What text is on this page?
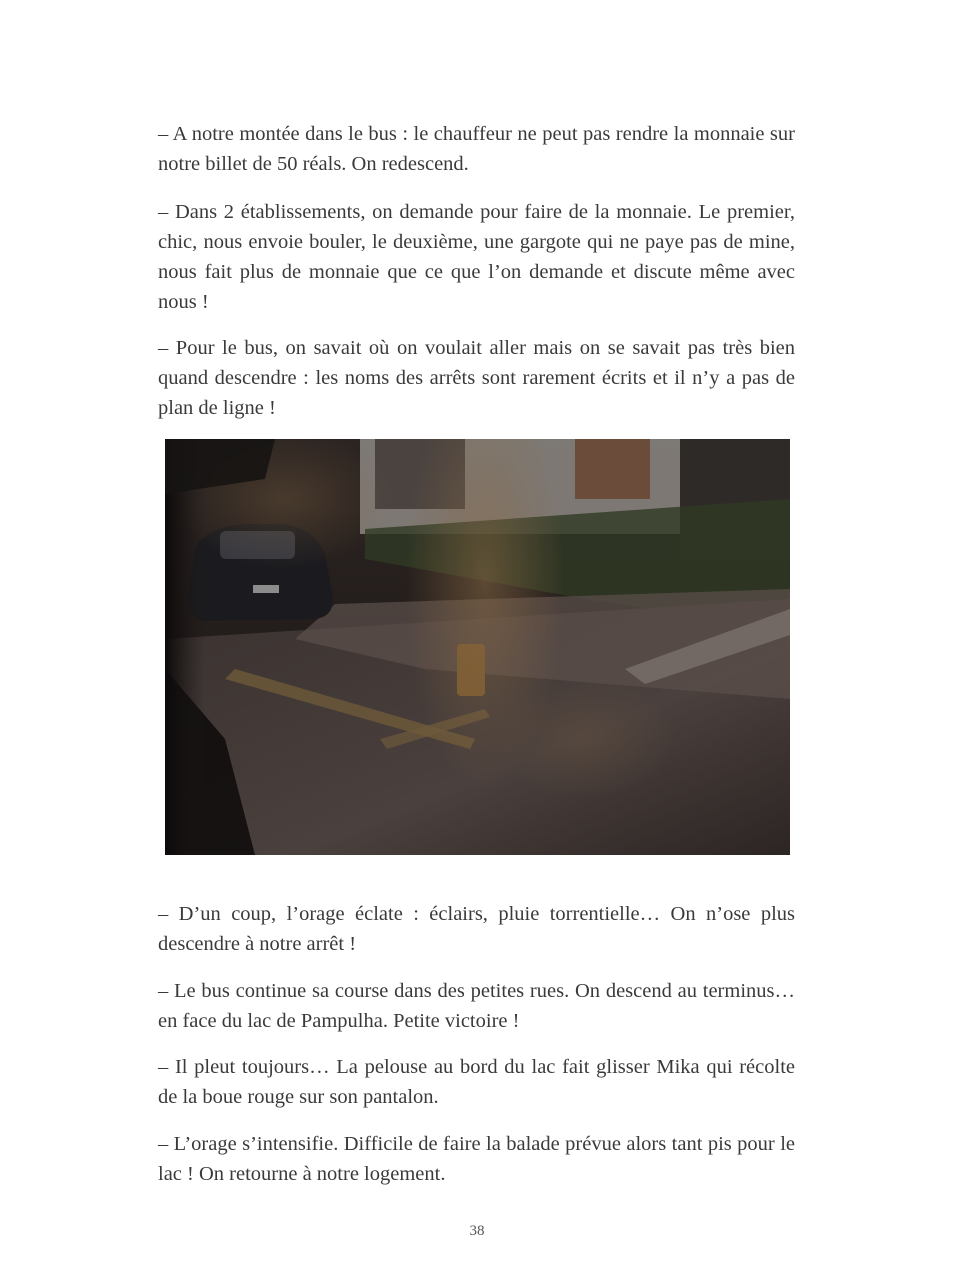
– A notre montée dans le bus : le chauffeur ne peut pas rendre la monnaie sur notre billet de 50 réals. On redescend.

– Dans 2 établissements, on demande pour faire de la monnaie. Le premier, chic, nous envoie bouler, le deuxième, une gargote qui ne paye pas de mine, nous fait plus de monnaie que ce que l’on demande et discute même avec nous !

– Pour le bus, on savait où on voulait aller mais on se savait pas très bien quand descendre : les noms des arrêts sont rarement écrits et il n’y a pas de plan de ligne !

– D’un coup, l’orage éclate : éclairs, pluie torrentielle… On n’ose plus descendre à notre arrêt !

– Le bus continue sa course dans des petites rues. On descend au terminus… en face du lac de Pampulha. Petite victoire !

– Il pleut toujours… La pelouse au bord du lac fait glisser Mika qui récolte de la boue rouge sur son pantalon.

– L’orage s’intensifie. Difficile de faire la balade prévue alors tant pis pour le lac ! On retourne à notre logement.

38
